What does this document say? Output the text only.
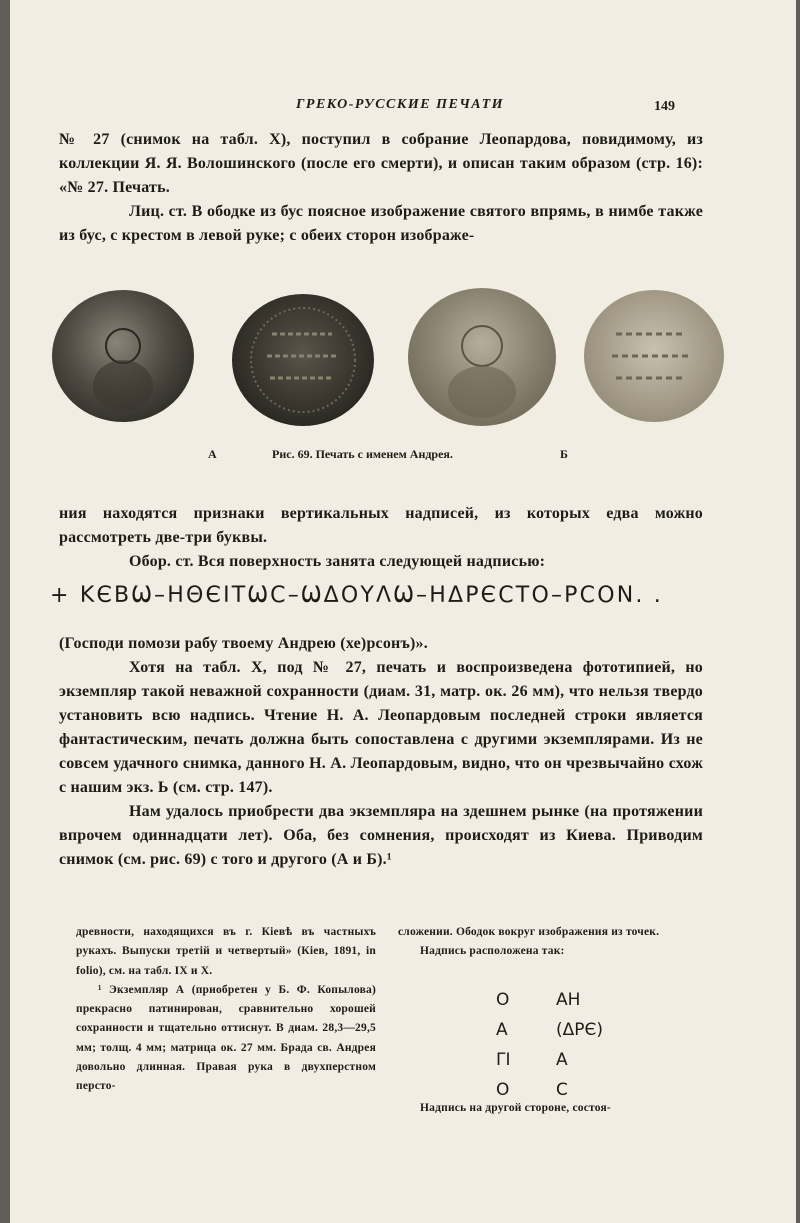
ГРЕКО-РУССКИЕ ПЕЧАТИ	149

№ 27 (снимок на табл. X), поступил в собрание Леопардова, повидимому, из коллекции Я. Я. Волошинского (после его смерти), и описан таким образом (стр. 16): «№ 27. Печать.

Лиц. ст. В ободке из бус поясное изображение святого впрямь, в нимбе также из бус, с крестом в левой руке; с обеих сторон изображе-

А	Рис. 69. Печать с именем Андрея.	Б

ния находятся признаки вертикальных надписей, из которых едва можно рассмотреть две-три буквы.

Обор. ст. Вся поверхность занята следующей надписью:

+ ΚЄΒѠ–ΗΘЄΙΤѠϹ–ѠΔΟΥΛѠ–ΗΔΡЄϹΤΟ–ΡϹΟΝ. .

(Господи помози рабу твоему Андрею (хе)рсонъ)».

Хотя на табл. X, под № 27, печать и воспроизведена фототипией, но экземпляр такой неважной сохранности (диам. 31, матр. ок. 26 мм), что нельзя твердо установить всю надпись. Чтение Н. А. Леопардовым последней строки является фантастическим, печать должна быть сопоставлена с другими экземплярами. Из не совсем удачного снимка, данного Н. А. Леопардовым, видно, что он чрезвычайно схож с нашим экз. Ь (см. стр. 147).

Нам удалось приобрести два экземпляра на здешнем рынке (на протяжении впрочем одиннадцати лет). Оба, без сомнения, происходят из Киева. Приводим снимок (см. рис. 69) с того и другого (А и Б).¹

древности, находящихся въ г. Кіевѣ въ частныхъ рукахъ. Выпуски третій и четвертый» (Кiев, 1891, in folio), см. на табл. IX и X.

¹ Экземпляр А (приобретен у Б. Ф. Копылова) прекрасно патинирован, сравнительно хорошей сохранности и тщательно оттиснут. В диам. 28,3—29,5 мм; толщ. 4 мм; матрица ок. 27 мм. Брада св. Андрея довольно длинная. Правая рука в двухперстном персто-

сложении. Ободок вокруг изображения из точек.

Надпись расположена так:

О	АН
А	(ΔΡЄ)
ΓΙ	А
О	С
Надпись на другой стороне, состоя-
